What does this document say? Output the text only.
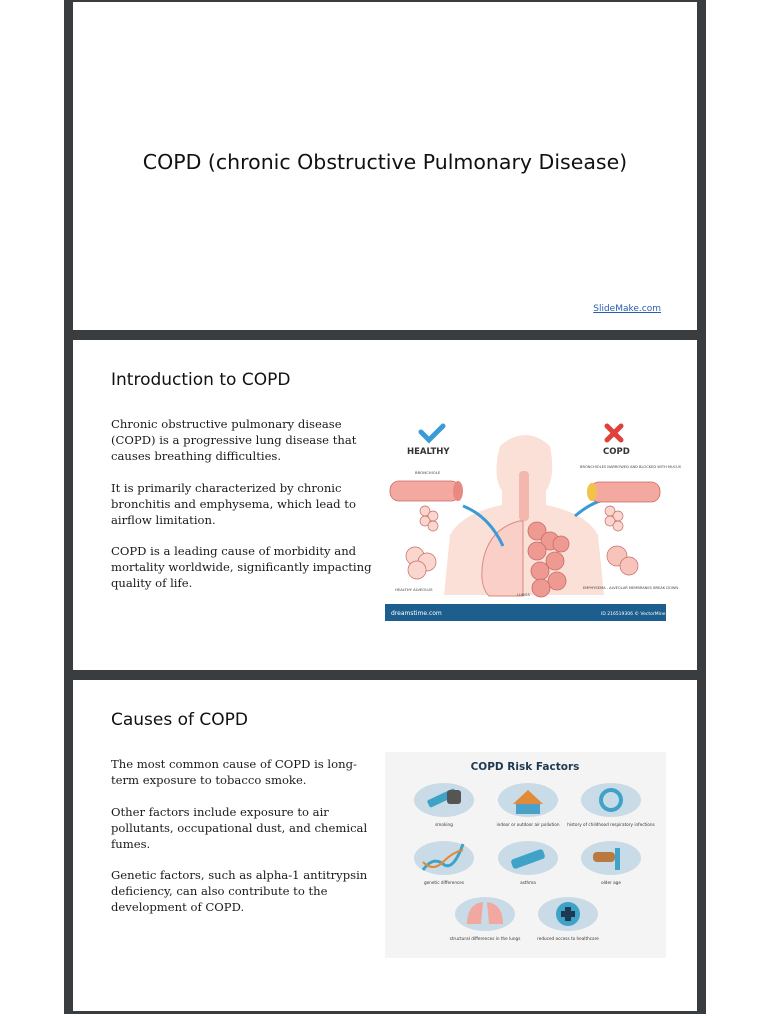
COPD (chronic Obstructive Pulmonary Disease)
SlideMake.com
Introduction to COPD

Chronic obstructive pulmonary disease (COPD) is a progressive lung disease that causes breathing difficulties.

It is primarily characterized by chronic bronchitis and emphysema, which lead to airflow limitation.

COPD is a leading cause of morbidity and mortality worldwide, significantly impacting quality of life.

HEALTHY	COPD
BRONCHIOLE
HEALTHY ALVEOLUS
BRONCHIOLES NARROWED AND BLOCKED WITH MUCUS
EMPHYSEMA - ALVEOLAR MEMBRANES BREAK DOWN
LUNGS
dreamstime.com	ID 216519306 © VectorMine
Causes of COPD

The most common cause of COPD is long-term exposure to tobacco smoke.

Other factors include exposure to air pollutants, occupational dust, and chemical fumes.

Genetic factors, such as alpha-1 antitrypsin deficiency, can also contribute to the development of COPD.

COPD Risk Factors
smoking	indoor or outdoor air pollution history of childhood respiratory infections
genetic differences	asthma	older age
structural differences in the lungs	reduced access to healthcare
